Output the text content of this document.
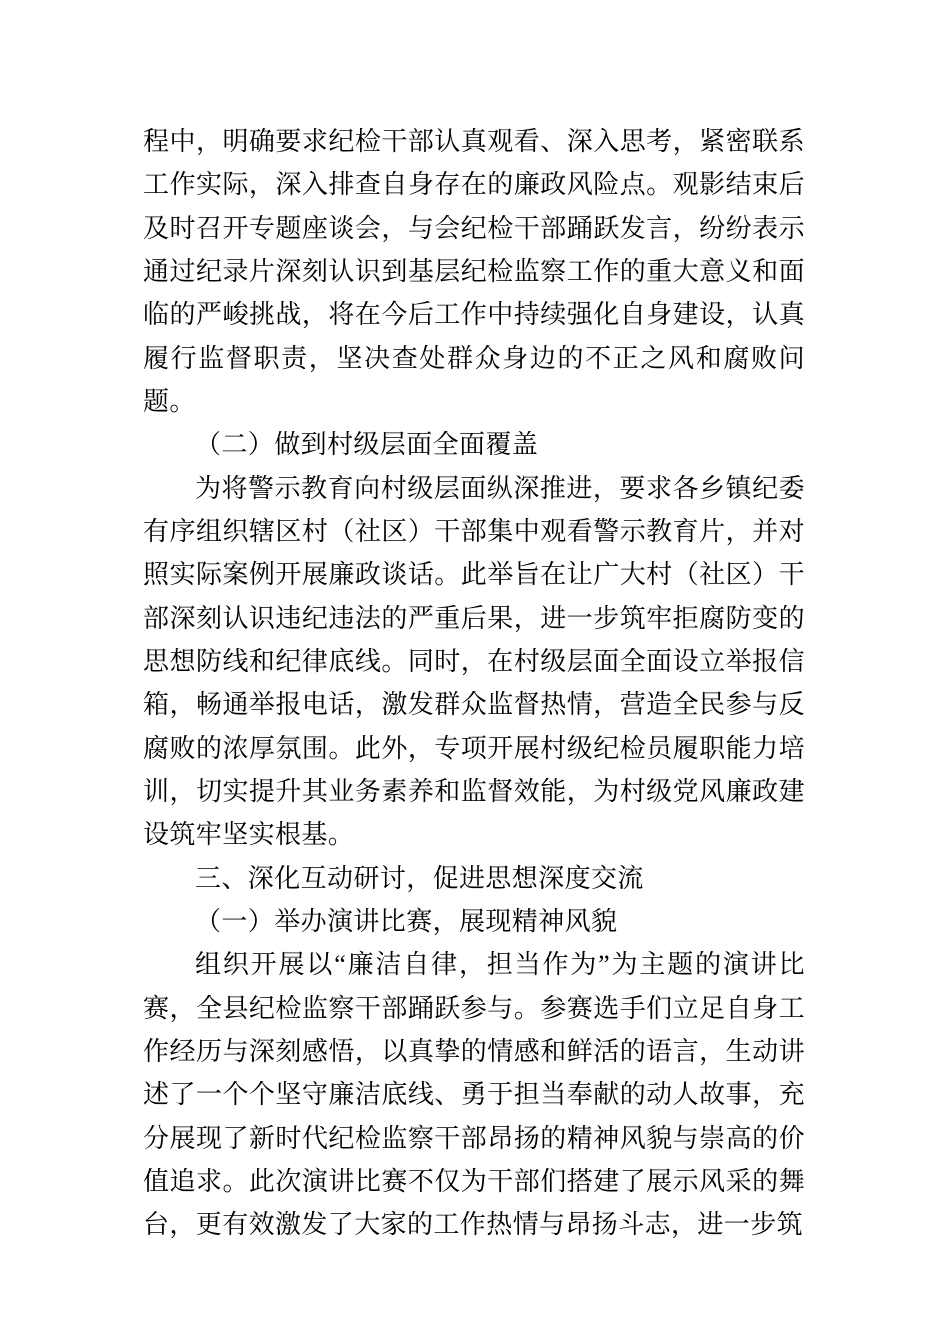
程中，明确要求纪检干部认真观看、深入思考，紧密联系工作实际，深入排查自身存在的廉政风险点。观影结束后及时召开专题座谈会，与会纪检干部踊跃发言，纷纷表示通过纪录片深刻认识到基层纪检监察工作的重大意义和面临的严峻挑战，将在今后工作中持续强化自身建设，认真履行监督职责，坚决查处群众身边的不正之风和腐败问题。

（二）做到村级层面全面覆盖

为将警示教育向村级层面纵深推进，要求各乡镇纪委有序组织辖区村（社区）干部集中观看警示教育片，并对照实际案例开展廉政谈话。此举旨在让广大村（社区）干部深刻认识违纪违法的严重后果，进一步筑牢拒腐防变的思想防线和纪律底线。同时，在村级层面全面设立举报信箱，畅通举报电话，激发群众监督热情，营造全民参与反腐败的浓厚氛围。此外，专项开展村级纪检员履职能力培训，切实提升其业务素养和监督效能，为村级党风廉政建设筑牢坚实根基。

三、深化互动研讨，促进思想深度交流

（一）举办演讲比赛，展现精神风貌

组织开展以“廉洁自律，担当作为”为主题的演讲比赛，全县纪检监察干部踊跃参与。参赛选手们立足自身工作经历与深刻感悟，以真挚的情感和鲜活的语言，生动讲述了一个个坚守廉洁底线、勇于担当奉献的动人故事，充分展现了新时代纪检监察干部昂扬的精神风貌与崇高的价值追求。此次演讲比赛不仅为干部们搭建了展示风采的舞台，更有效激发了大家的工作热情与昂扬斗志，进一步筑
